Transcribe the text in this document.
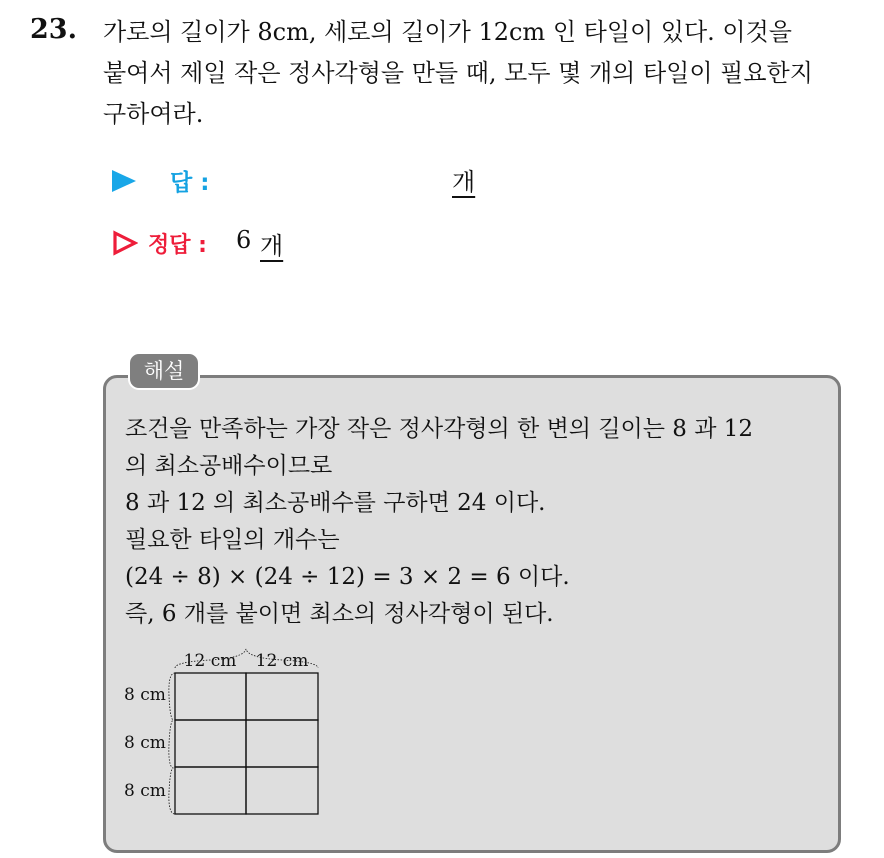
23. 가로의 길이가 8cm, 세로의 길이가 12cm 인 타일이 있다. 이것을
붙여서 제일 작은 정사각형을 만들 때, 모두 몇 개의 타일이 필요한지
구하여라.
답 :	개
정답 : 6 개
해설
조건을 만족하는 가장 작은 정사각형의 한 변의 길이는 8 과 12
의 최소공배수이므로
8 과 12 의 최소공배수를 구하면 24 이다.
필요한 타일의 개수는
(24 ÷ 8) × (24 ÷ 12) = 3 × 2 = 6 이다.
즉, 6 개를 붙이면 최소의 정사각형이 된다.
12 cm 12 cm
8 cm
8 cm
8 cm
